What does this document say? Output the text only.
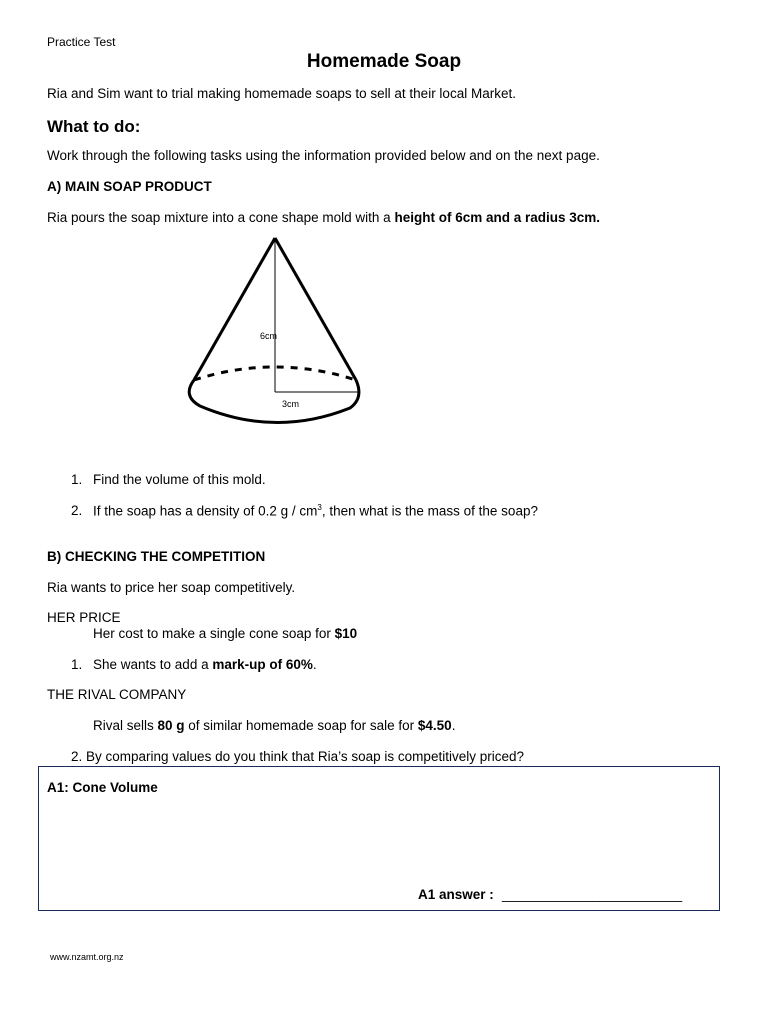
Practice Test
Homemade Soap
Ria and Sim want to trial making homemade soaps to sell at their local Market.
What to do:
Work through the following tasks using the information provided below and on the next page.
A) MAIN SOAP PRODUCT
Ria pours the soap mixture into a cone shape mold with a height of 6cm and a radius 3cm.
6cm
3cm
1. Find the volume of this mold.
2. If the soap has a density of 0.2 g / $cm^3$, then what is the mass of the soap?
B) CHECKING THE COMPETITION
Ria wants to price her soap competitively.
HER PRICE
Her cost to make a single cone soap for $10
1. She wants to add a mark-up of 60%.
THE RIVAL COMPANY
Rival sells 80 g of similar homemade soap for sale for $4.50.
2. By comparing values do you think that Ria’s soap is competitively priced?
A1: Cone Volume
A1 answer : ________________________
www.nzamt.org.nz
